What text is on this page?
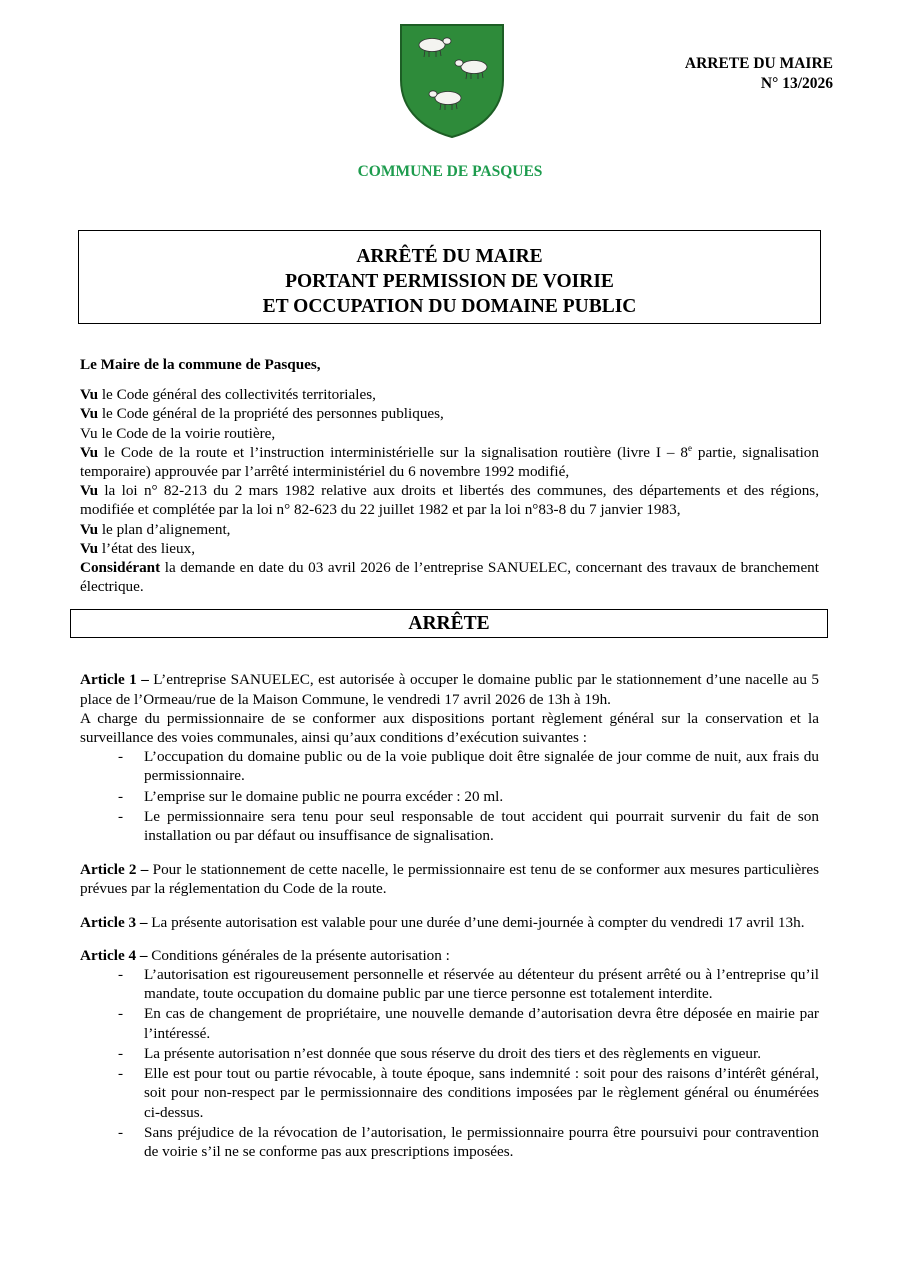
ARRETE DU MAIRE
N° 13/2026
COMMUNE DE PASQUES
ARRÊTÉ DU MAIRE
PORTANT PERMISSION DE VOIRIE
ET OCCUPATION DU DOMAINE PUBLIC

Le Maire de la commune de Pasques,

Vu le Code général des collectivités territoriales,

Vu le Code général de la propriété des personnes publiques,

Vu le Code de la voirie routière,

Vu le Code de la route et l’instruction interministérielle sur la signalisation routière (livre I – 8e partie, signalisation temporaire) approuvée par l’arrêté interministériel du 6 novembre 1992 modifié,

Vu la loi n° 82-213 du 2 mars 1982 relative aux droits et libertés des communes, des départements et des régions, modifiée et complétée par la loi n° 82-623 du 22 juillet 1982 et par la loi n°83-8 du 7 janvier 1983,

Vu le plan d’alignement,

Vu l’état des lieux,

Considérant la demande en date du 03 avril 2026 de l’entreprise SANUELEC, concernant des travaux de branchement électrique.

ARRÊTE

Article 1 – L’entreprise SANUELEC, est autorisée à occuper le domaine public par le stationnement d’une nacelle au 5 place de l’Ormeau/rue de la Maison Commune, le vendredi 17 avril 2026 de 13h à 19h.

A charge du permissionnaire de se conformer aux dispositions portant règlement général sur la conservation et la surveillance des voies communales, ainsi qu’aux conditions d’exécution suivantes :

- L’occupation du domaine public ou de la voie publique doit être signalée de jour comme de nuit, aux frais du permissionnaire.
- L’emprise sur le domaine public ne pourra excéder : 20 ml.
- Le permissionnaire sera tenu pour seul responsable de tout accident qui pourrait survenir du fait de son installation ou par défaut ou insuffisance de signalisation.

Article 2 – Pour le stationnement de cette nacelle, le permissionnaire est tenu de se conformer aux mesures particulières prévues par la réglementation du Code de la route.

Article 3 – La présente autorisation est valable pour une durée d’une demi-journée à compter du vendredi 17 avril 13h.

Article 4 – Conditions générales de la présente autorisation :

- L’autorisation est rigoureusement personnelle et réservée au détenteur du présent arrêté ou à l’entreprise qu’il mandate, toute occupation du domaine public par une tierce personne est totalement interdite.
- En cas de changement de propriétaire, une nouvelle demande d’autorisation devra être déposée en mairie par l’intéressé.
- La présente autorisation n’est donnée que sous réserve du droit des tiers et des règlements en vigueur.
- Elle est pour tout ou partie révocable, à toute époque, sans indemnité : soit pour des raisons d’intérêt général, soit pour non-respect par le permissionnaire des conditions imposées par le règlement général ou énumérées ci-dessus.
- Sans préjudice de la révocation de l’autorisation, le permissionnaire pourra être poursuivi pour contravention de voirie s’il ne se conforme pas aux prescriptions imposées.
